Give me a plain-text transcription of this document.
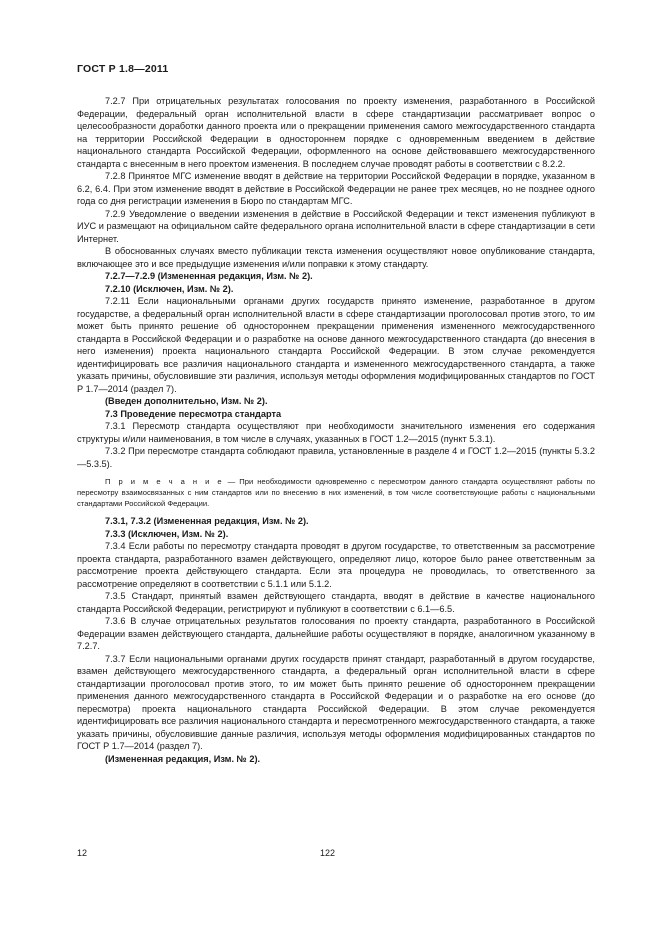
ГОСТ Р 1.8—2011

7.2.7 При отрицательных результатах голосования по проекту изменения, разработанного в Российской Федерации, федеральный орган исполнительной власти в сфере стандартизации рассматривает вопрос о целесообразности доработки данного проекта или о прекращении применения самого межгосударственного стандарта на территории Российской Федерации в одностороннем порядке с одновременным введением в действие национального стандарта Российской Федерации, оформленного на основе действовавшего межгосударственного стандарта с внесенным в него проектом изменения. В последнем случае проводят работы в соответствии с 8.2.2.

7.2.8 Принятое МГС изменение вводят в действие на территории Российской Федерации в порядке, указанном в 6.2, 6.4. При этом изменение вводят в действие в Российской Федерации не ранее трех месяцев, но не позднее одного года со дня регистрации изменения в Бюро по стандартам МГС.

7.2.9 Уведомление о введении изменения в действие в Российской Федерации и текст изменения публикуют в ИУС и размещают на официальном сайте федерального органа исполнительной власти в сфере стандартизации в сети Интернет.

В обоснованных случаях вместо публикации текста изменения осуществляют новое опубликование стандарта, включающее это и все предыдущие изменения и/или поправки к этому стандарту.

7.2.7—7.2.9 (Измененная редакция, Изм. № 2).

7.2.10 (Исключен, Изм. № 2).

7.2.11 Если национальными органами других государств принято изменение, разработанное в другом государстве, а федеральный орган исполнительной власти в сфере стандартизации проголосовал против этого, то им может быть принято решение об одностороннем прекращении применения измененного межгосударственного стандарта в Российской Федерации и о разработке на основе данного межгосударственного стандарта (до внесения в него изменения) проекта национального стандарта Российской Федерации. В этом случае рекомендуется идентифицировать все различия национального стандарта и измененного межгосударственного стандарта, а также указать причины, обусловившие эти различия, используя методы оформления модифицированных стандартов по ГОСТ Р 1.7—2014 (раздел 7).

(Введен дополнительно, Изм. № 2).

7.3 Проведение пересмотра стандарта

7.3.1 Пересмотр стандарта осуществляют при необходимости значительного изменения его содержания структуры и/или наименования, в том числе в случаях, указанных в ГОСТ 1.2—2015 (пункт 5.3.1).

7.3.2 При пересмотре стандарта соблюдают правила, установленные в разделе 4 и ГОСТ 1.2—2015 (пункты 5.3.2—5.3.5).

П р и м е ч а н и е — При необходимости одновременно с пересмотром данного стандарта осуществляют работы по пересмотру взаимосвязанных с ним стандартов или по внесению в них изменений, в том числе соответствующие работы с национальными стандартами Российской Федерации.

7.3.1, 7.3.2 (Измененная редакция, Изм. № 2).

7.3.3 (Исключен, Изм. № 2).

7.3.4 Если работы по пересмотру стандарта проводят в другом государстве, то ответственным за рассмотрение проекта стандарта, разработанного взамен действующего, определяют лицо, которое было ранее ответственным за рассмотрение проекта действующего стандарта. Если эта процедура не проводилась, то ответственного за рассмотрение определяют в соответствии с 5.1.1 или 5.1.2.

7.3.5 Стандарт, принятый взамен действующего стандарта, вводят в действие в качестве национального стандарта Российской Федерации, регистрируют и публикуют в соответствии с 6.1—6.5.

7.3.6 В случае отрицательных результатов голосования по проекту стандарта, разработанного в Российской Федерации взамен действующего стандарта, дальнейшие работы осуществляют в порядке, аналогичном указанному в 7.2.7.

7.3.7 Если национальными органами других государств принят стандарт, разработанный в другом государстве, взамен действующего межгосударственного стандарта, а федеральный орган исполнительной власти в сфере стандартизации проголосовал против этого, то им может быть принято решение об одностороннем прекращении применения данного межгосударственного стандарта в Российской Федерации и о разработке на его основе (до пересмотра) проекта национального стандарта Российской Федерации. В этом случае рекомендуется идентифицировать все различия национального стандарта и пересмотренного межгосударственного стандарта, а также указать причины, обусловившие данные различия, используя методы оформления модифицированных стандартов по ГОСТ Р 1.7—2014 (раздел 7).

(Измененная редакция, Изм. № 2).

12	122
